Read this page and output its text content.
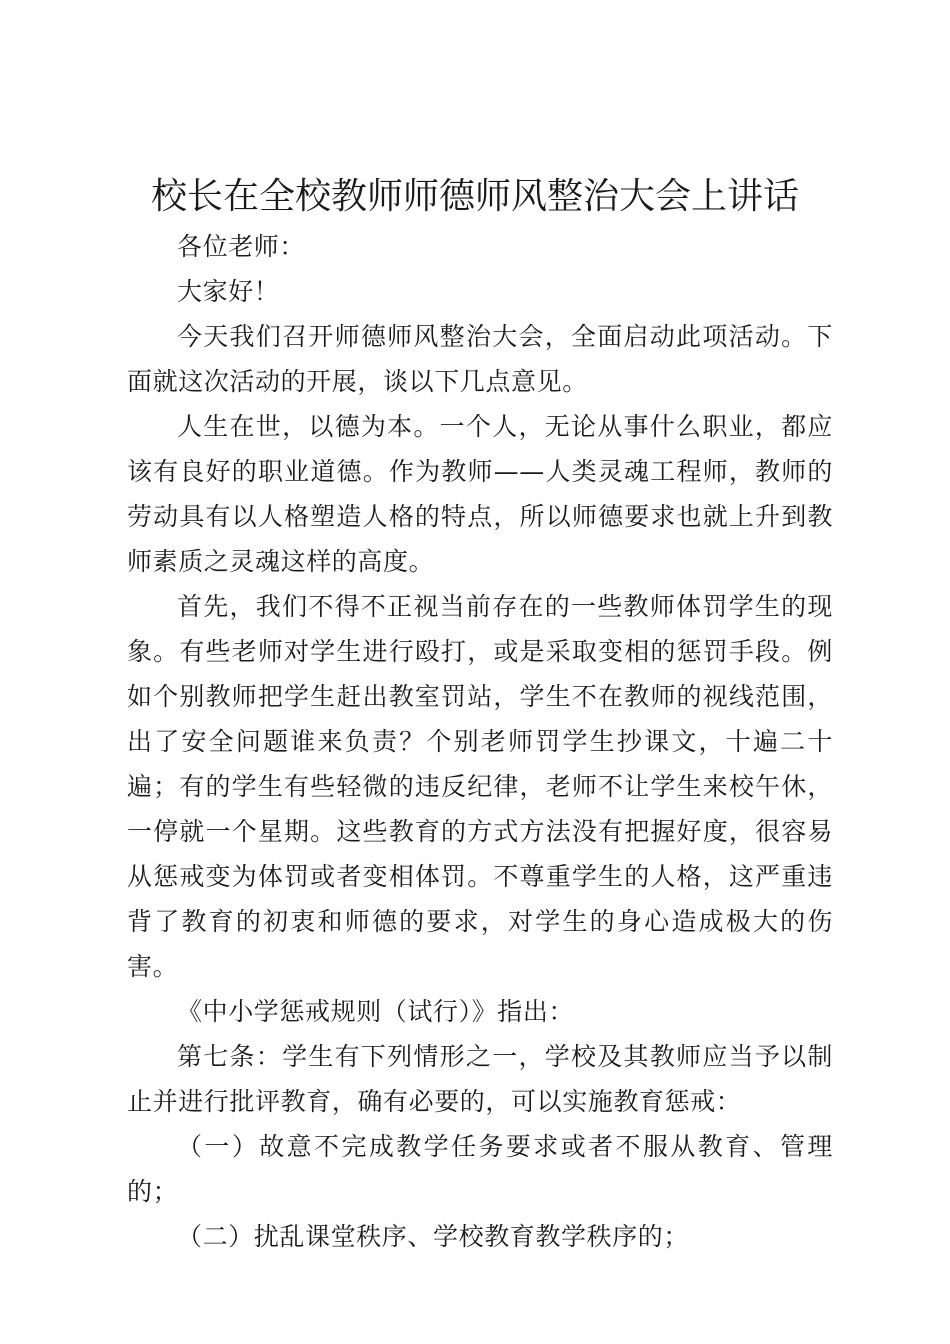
校长在全校教师师德师风整治大会上讲话

各位老师：

大家好！

今天我们召开师德师风整治大会，全面启动此项活动。下面就这次活动的开展，谈以下几点意见。

人生在世，以德为本。一个人，无论从事什么职业，都应该有良好的职业道德。作为教师——人类灵魂工程师，教师的劳动具有以人格塑造人格的特点，所以师德要求也就上升到教师素质之灵魂这样的高度。

首先，我们不得不正视当前存在的一些教师体罚学生的现象。有些老师对学生进行殴打，或是采取变相的惩罚手段。例如个别教师把学生赶出教室罚站，学生不在教师的视线范围，出了安全问题谁来负责？个别老师罚学生抄课文，十遍二十遍；有的学生有些轻微的违反纪律，老师不让学生来校午休，一停就一个星期。这些教育的方式方法没有把握好度，很容易从惩戒变为体罚或者变相体罚。不尊重学生的人格，这严重违背了教育的初衷和师德的要求，对学生的身心造成极大的伤害。

《中小学惩戒规则（试行）》指出：

第七条：学生有下列情形之一，学校及其教师应当予以制止并进行批评教育，确有必要的，可以实施教育惩戒：

（一）故意不完成教学任务要求或者不服从教育、管理的；

（二）扰乱课堂秩序、学校教育教学秩序的；
